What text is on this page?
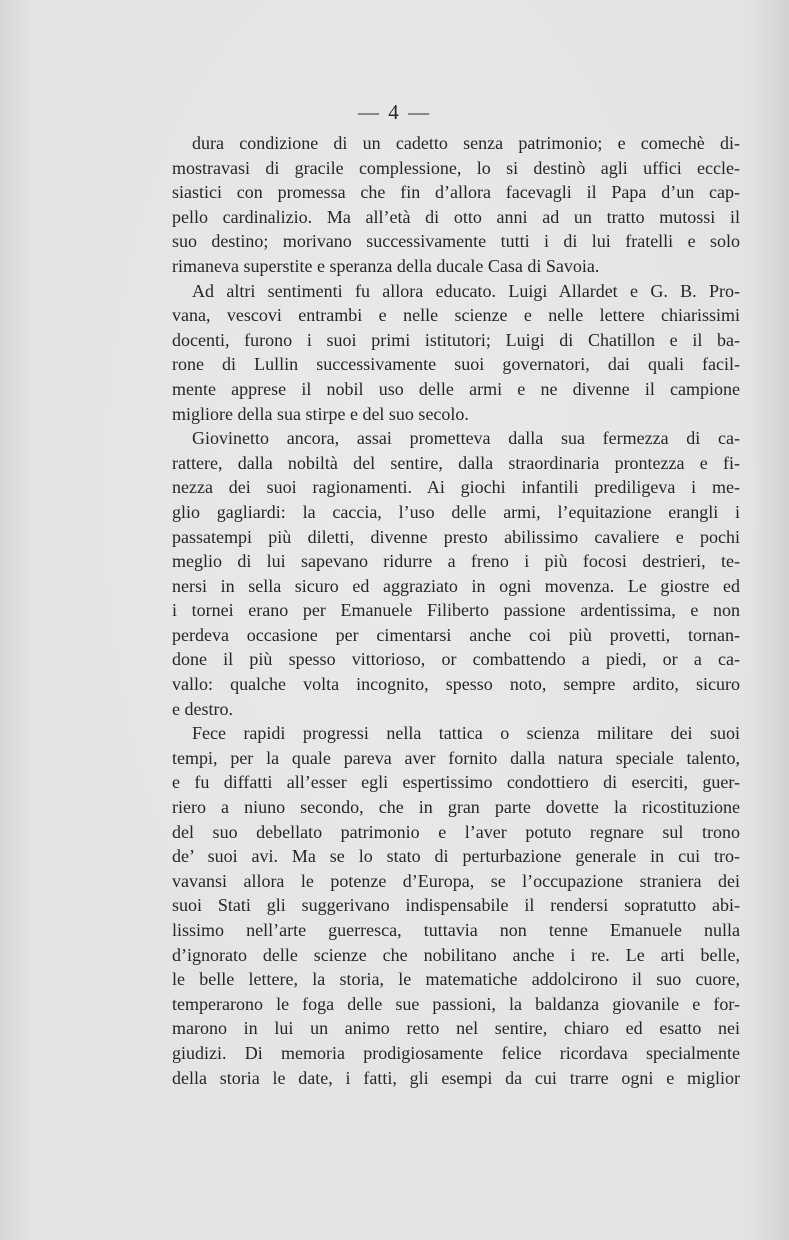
— 4 —
dura condizione di un cadetto senza patrimonio; e comechè di-
mostravasi di gracile complessione, lo si destinò agli uffici eccle-
siastici con promessa che fin d’allora facevagli il Papa d’un cap-
pello cardinalizio. Ma all’età di otto anni ad un tratto mutossi il
suo destino; morivano successivamente tutti i di lui fratelli e solo
rimaneva superstite e speranza della ducale Casa di Savoia.
Ad altri sentimenti fu allora educato. Luigi Allardet e G. B. Pro-
vana, vescovi entrambi e nelle scienze e nelle lettere chiarissimi
docenti, furono i suoi primi istitutori; Luigi di Chatillon e il ba-
rone di Lullin successivamente suoi governatori, dai quali facil-
mente apprese il nobil uso delle armi e ne divenne il campione
migliore della sua stirpe e del suo secolo.
Giovinetto ancora, assai prometteva dalla sua fermezza di ca-
rattere, dalla nobiltà del sentire, dalla straordinaria prontezza e fi-
nezza dei suoi ragionamenti. Ai giochi infantili prediligeva i me-
glio gagliardi: la caccia, l’uso delle armi, l’equitazione erangli i
passatempi più diletti, divenne presto abilissimo cavaliere e pochi
meglio di lui sapevano ridurre a freno i più focosi destrieri, te-
nersi in sella sicuro ed aggraziato in ogni movenza. Le giostre ed
i tornei erano per Emanuele Filiberto passione ardentissima, e non
perdeva occasione per cimentarsi anche coi più provetti, tornan-
done il più spesso vittorioso, or combattendo a piedi, or a ca-
vallo: qualche volta incognito, spesso noto, sempre ardito, sicuro
e destro.
Fece rapidi progressi nella tattica o scienza militare dei suoi
tempi, per la quale pareva aver fornito dalla natura speciale talento,
e fu diffatti all’esser egli espertissimo condottiero di eserciti, guer-
riero a niuno secondo, che in gran parte dovette la ricostituzione
del suo debellato patrimonio e l’aver potuto regnare sul trono
de’ suoi avi. Ma se lo stato di perturbazione generale in cui tro-
vavansi allora le potenze d’Europa, se l’occupazione straniera dei
suoi Stati gli suggerivano indispensabile il rendersi sopratutto abi-
lissimo nell’arte guerresca, tuttavia non tenne Emanuele nulla
d’ignorato delle scienze che nobilitano anche i re. Le arti belle,
le belle lettere, la storia, le matematiche addolcirono il suo cuore,
temperarono le foga delle sue passioni, la baldanza giovanile e for-
marono in lui un animo retto nel sentire, chiaro ed esatto nei
giudizi. Di memoria prodigiosamente felice ricordava specialmente
della storia le date, i fatti, gli esempi da cui trarre ogni e miglior
